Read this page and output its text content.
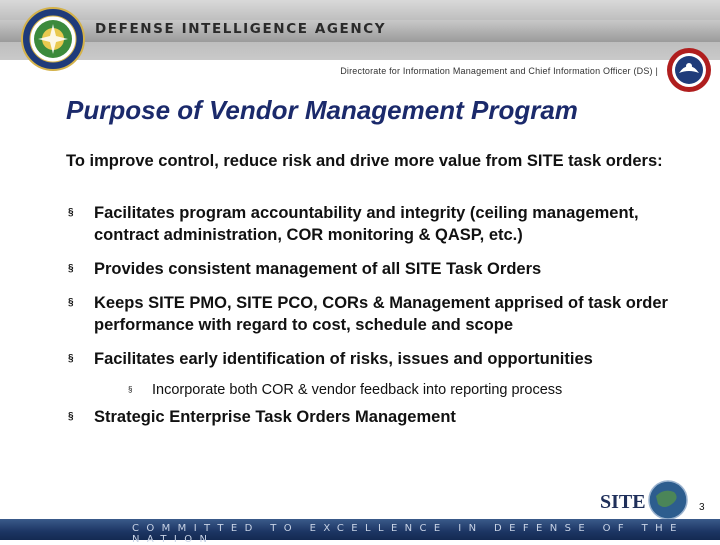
DEFENSE INTELLIGENCE AGENCY
Directorate for Information Management and Chief Information Officer (DS) |
Purpose of Vendor Management Program
To improve control, reduce risk and drive more value from SITE task orders:
§ Facilitates program accountability and integrity (ceiling management, contract administration, COR monitoring & QASP, etc.)
§ Provides consistent management of all SITE Task Orders
§ Keeps SITE PMO, SITE PCO, CORs & Management apprised of task order performance with regard to cost, schedule and scope
§ Facilitates early identification of risks, issues and opportunities
§ Incorporate both COR & vendor feedback into reporting process
§ Strategic Enterprise Task Orders Management
SITE	3
COMMITTED TO EXCELLENCE IN DEFENSE OF THE NATION
